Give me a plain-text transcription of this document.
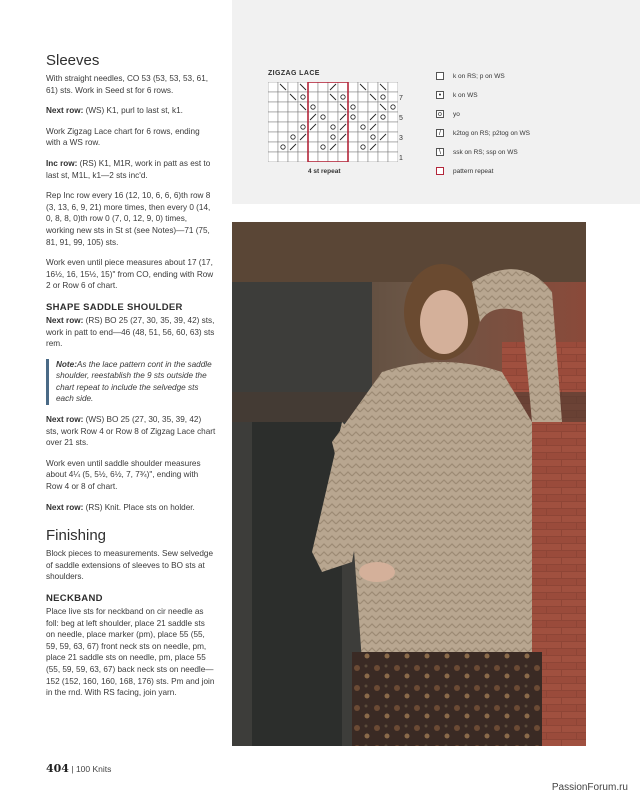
Sleeves

With straight needles, CO 53 (53, 53, 53, 61, 61) sts. Work in Seed st for 6 rows.

Next row: (WS) K1, purl to last st, k1.

Work Zigzag Lace chart for 6 rows, ending with a WS row.

Inc row: (RS) K1, M1R, work in patt as est to last st, M1L, k1—2 sts inc'd.

Rep Inc row every 16 (12, 10, 6, 6, 6)th row 8 (3, 13, 6, 9, 21) more times, then every 0 (14, 0, 8, 8, 0)th row 0 (7, 0, 12, 9, 0) times, working new sts in St st (see Notes)—71 (75, 81, 91, 99, 105) sts.

Work even until piece measures about 17 (17, 16½, 16, 15½, 15)" from CO, ending with Row 2 or Row 6 of chart.

SHAPE SADDLE SHOULDER

Next row: (RS) BO 25 (27, 30, 35, 39, 42) sts, work in patt to end—46 (48, 51, 56, 60, 63) sts rem.

Note:As the lace pattern cont in the saddle shoulder, reestablish the 9 sts outside the chart repeat to include the selvedge sts each side.

Next row: (WS) BO 25 (27, 30, 35, 39, 42) sts, work Row 4 or Row 8 of Zigzag Lace chart over 21 sts.

Work even until saddle shoulder measures about 4¼ (5, 5½, 6½, 7, 7¾)", ending with Row 4 or 8 of chart.

Next row: (RS) Knit. Place sts on holder.

Finishing

Block pieces to measurements. Sew selvedge of saddle extensions of sleeves to BO sts at shoulders.

NECKBAND

Place live sts for neckband on cir needle as foll: beg at left shoulder, place 21 saddle sts on needle, place marker (pm), place 55 (55, 59, 59, 63, 67) front neck sts on needle, pm, place 21 saddle sts on needle, pm, place 55 (55, 59, 59, 63, 67) back neck sts on needle—152 (152, 160, 160, 168, 176) sts. Pm and join in the rnd. With RS facing, join yarn.

ZIGZAG LACE
7
5
3
1
4 st repeat
k on RS; p on WS
•	k on WS
o	yo
/	k2tog on RS; p2tog on WS
\	ssk on RS; ssp on WS
pattern repeat
404 | 100 Knits
PassionForum.ru
